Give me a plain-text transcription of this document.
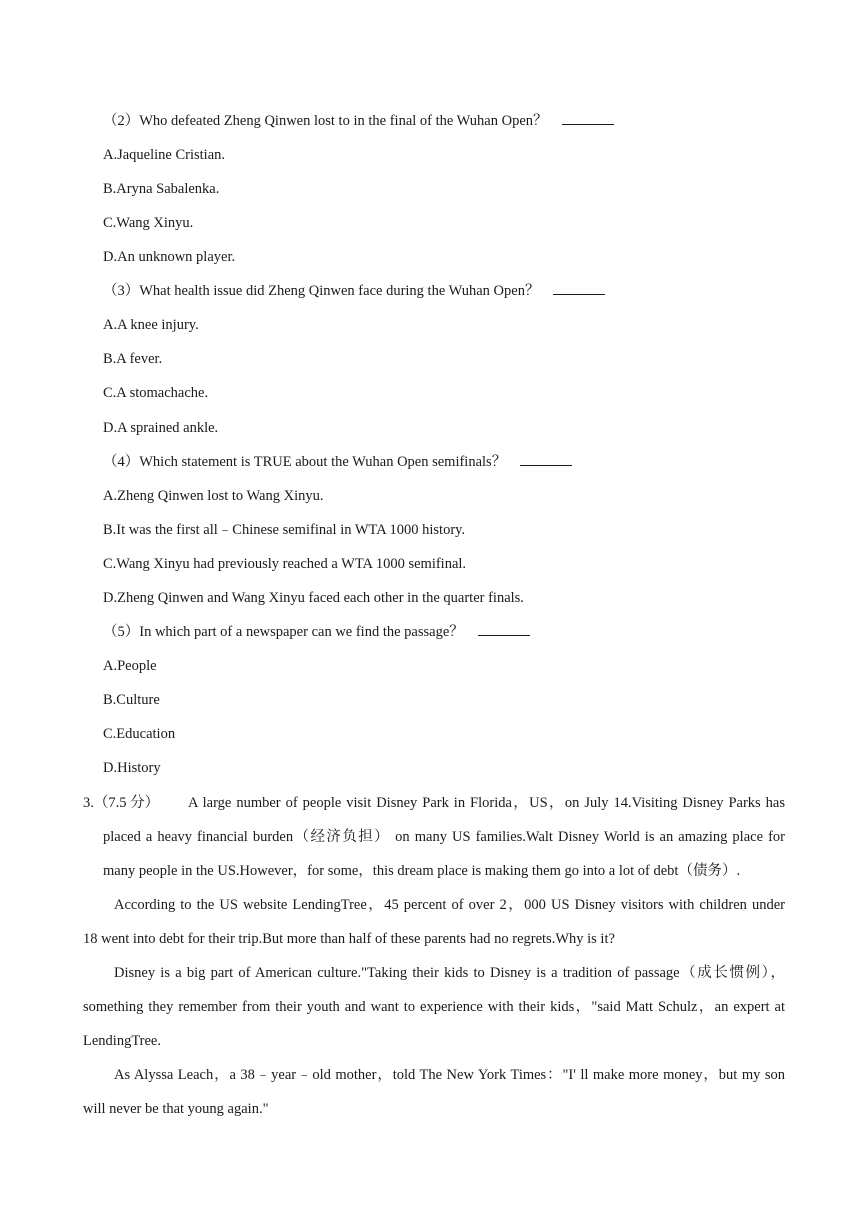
（2）Who defeated Zheng Qinwen lost to in the final of the Wuhan Open？
A.Jaqueline Cristian.
B.Aryna Sabalenka.
C.Wang Xinyu.
D.An unknown player.
（3）What health issue did Zheng Qinwen face during the Wuhan Open？
A.A knee injury.
B.A fever.
C.A stomachache.
D.A sprained ankle.
（4）Which statement is TRUE about the Wuhan Open semifinals？
A.Zheng Qinwen lost to Wang Xinyu.
B.It was the first all﹣Chinese semifinal in WTA 1000 history.
C.Wang Xinyu had previously reached a WTA 1000 semifinal.
D.Zheng Qinwen and Wang Xinyu faced each other in the quarter finals.
（5）In which part of a newspaper can we find the passage？
A.People
B.Culture
C.Education
D.History
3.（7.5 分） A large number of people visit Disney Park in Florida，US，on July 14.Visiting Disney Parks has
placed a heavy financial burden（经济负担） on many US families.Walt Disney World is an amazing place for
many people in the US.However，for some，this dream place is making them go into a lot of debt（债务）.
According to the US website LendingTree，45 percent of over 2，000 US Disney visitors with children under
18 went into debt for their trip.But more than half of these parents had no regrets.Why is it?
Disney is a big part of American culture."Taking their kids to Disney is a tradition of passage（成长惯例），
something they remember from their youth and want to experience with their kids，"said Matt Schulz，an expert at
LendingTree.
As Alyssa Leach，a 38﹣year﹣old mother，told The New York Times："I' ll make more money，but my son
will never be that young again."
